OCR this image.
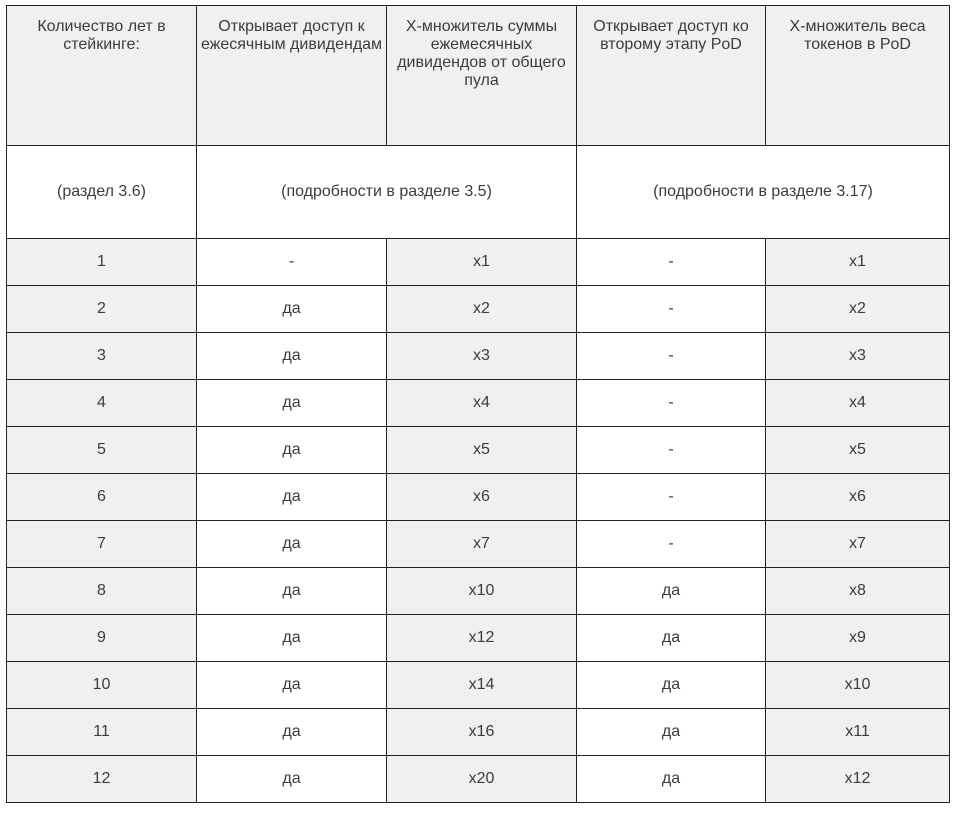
Количество лет в стейкинге:	Открывает доступ к ежесячным дивидендам	X-множитель суммы ежемесячных дивидендов от общего пула	Открывает доступ ко второму этапу PoD	X-множитель веса токенов в PoD
(раздел 3.6)	(подробности в разделе 3.5)		(подробности в разделе 3.17)	
1	-	x1	-	x1
2	да	x2	-	x2
3	да	x3	-	x3
4	да	x4	-	x4
5	да	x5	-	x5
6	да	x6	-	x6
7	да	x7	-	x7
8	да	x10	да	x8
9	да	x12	да	x9
10	да	x14	да	x10
11	да	x16	да	x11
12	да	x20	да	x12
